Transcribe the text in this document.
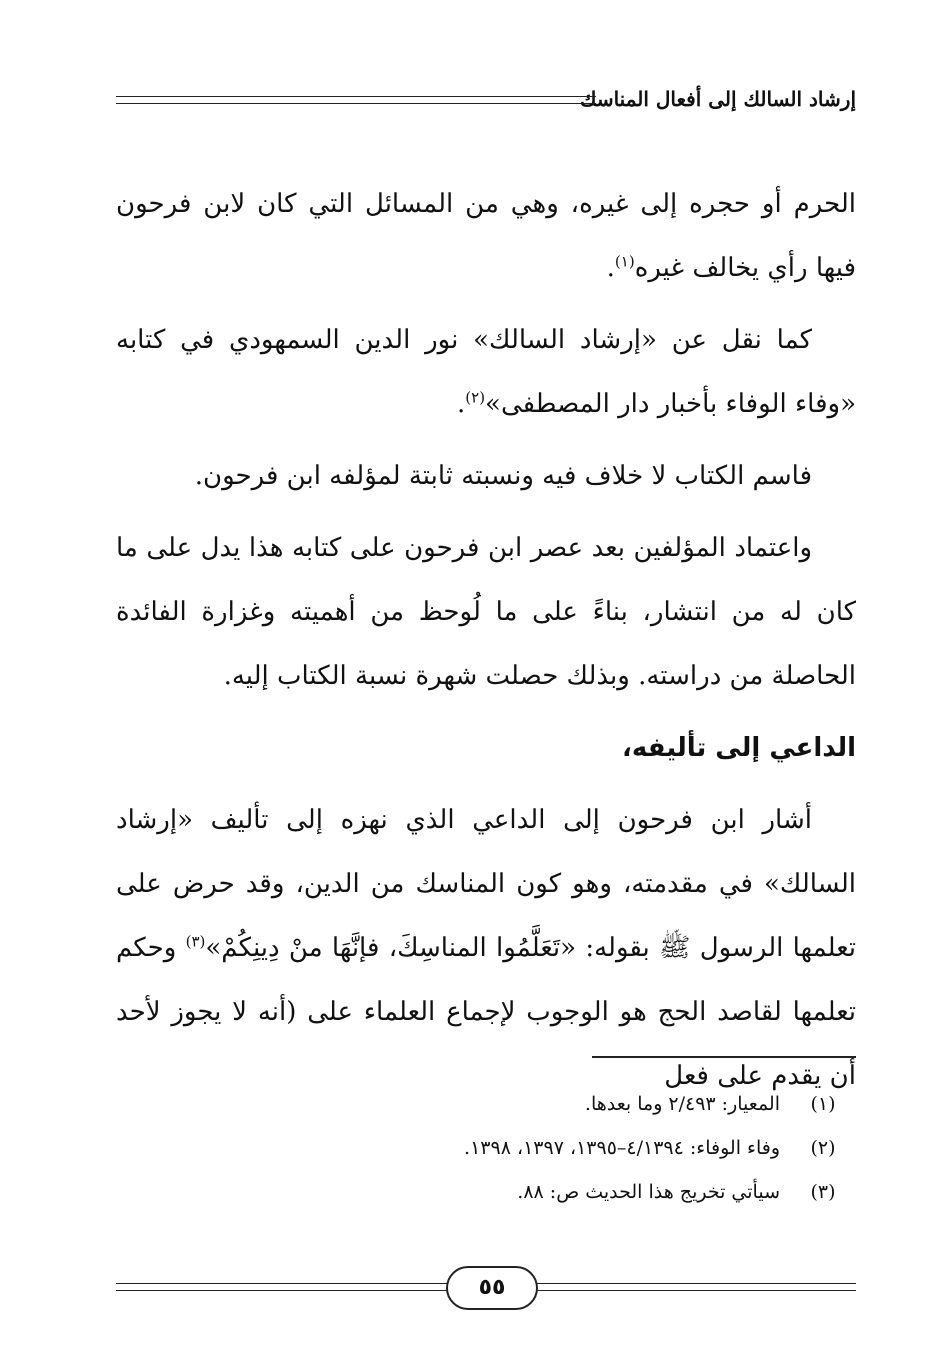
إرشاد السالك إلى أفعال المناسك

الحرم أو حجره إلى غيره، وهي من المسائل التي كان لابن فرحون فيها رأي يخالف غيره$^{(١)}$.

كما نقل عن «إرشاد السالك» نور الدين السمهودي في كتابه «وفاء الوفاء بأخبار دار المصطفى»$^{(٢)}$.

فاسم الكتاب لا خلاف فيه ونسبته ثابتة لمؤلفه ابن فرحون.

واعتماد المؤلفين بعد عصر ابن فرحون على كتابه هذا يدل على ما كان له من انتشار، بناءً على ما لُوحظ من أهميته وغزارة الفائدة الحاصلة من دراسته. وبذلك حصلت شهرة نسبة الكتاب إليه.

الداعي إلى تأليفه،

أشار ابن فرحون إلى الداعي الذي نهزه إلى تأليف «إرشاد السالك» في مقدمته، وهو كون المناسك من الدين، وقد حرض على تعلمها الرسول ﷺ بقوله: «تَعَلَّمُوا المناسِكَ، فإنَّهَا منْ دِينِكُمْ»$^{(٣)}$ وحكم تعلمها لقاصد الحج هو الوجوب لإجماع العلماء على (أنه لا يجوز لأحد أن يقدم على فعل

(١)
المعيار: ٢/٤٩٣ وما بعدها.
(٢)
وفاء الوفاء: ٤/١٣٩٤–١٣٩٥، ١٣٩٧، ١٣٩٨.
(٣)
سيأتي تخريج هذا الحديث ص: ٨٨.
٥٥
